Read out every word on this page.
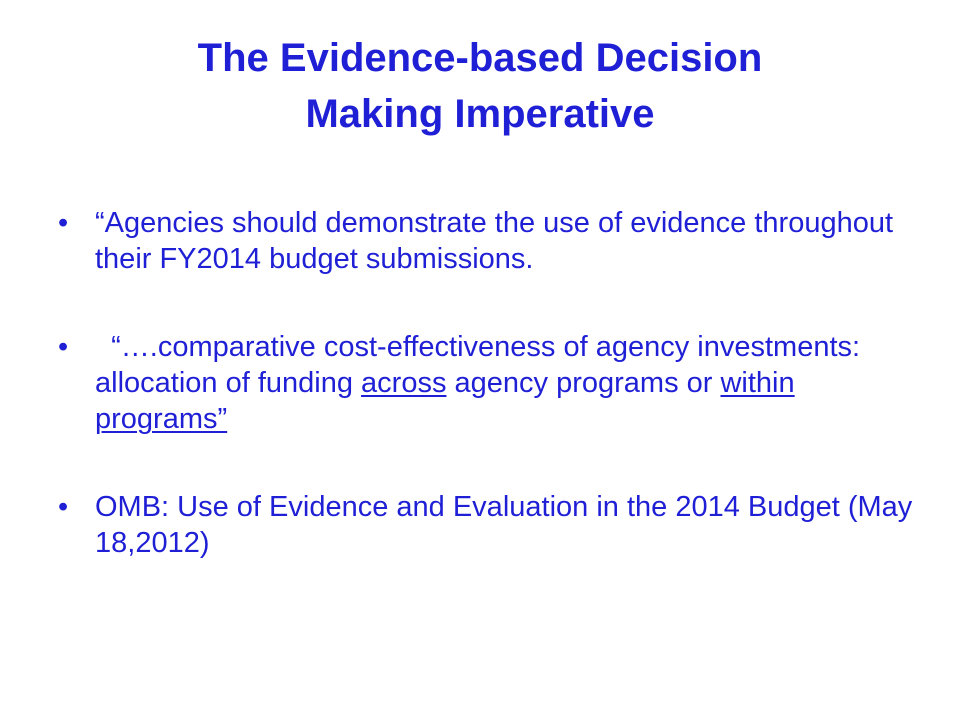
The Evidence-based Decision
Making Imperative
• “Agencies should demonstrate the use of evidence throughout their FY2014 budget submissions.
• “….comparative cost-effectiveness of agency investments: allocation of funding across agency programs or within programs”
• OMB: Use of Evidence and Evaluation in the 2014 Budget (May 18,2012)
